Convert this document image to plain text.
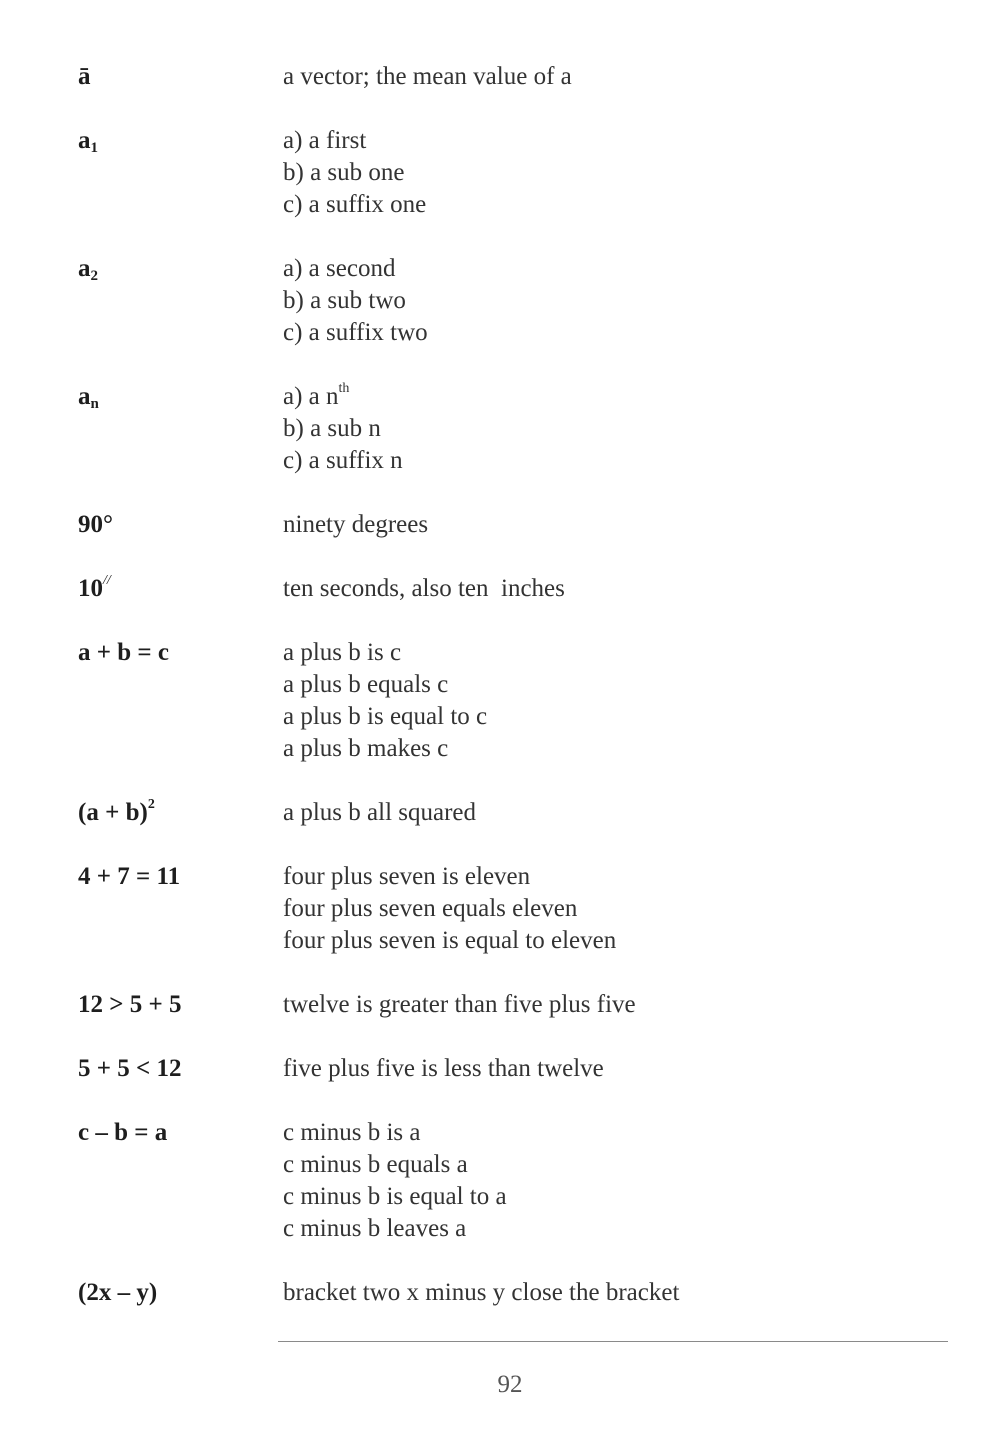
ā	a vector; the mean value of a
$a_1$	a) a first
b) a sub one
c) a suffix one
$a_2$	a) a second
b) a sub two
c) a suffix two
$a_n$	a) a $n^{th}$
b) a sub n
c) a suffix n
90°	ninety degrees
10//	ten seconds, also ten  inches
a + b = c	a plus b is c
a plus b equals c
a plus b is equal to c
a plus b makes c
$(a + b)^2$	a plus b all squared
4 + 7 = 11	four plus seven is eleven
four plus seven equals eleven
four plus seven is equal to eleven
12 > 5 + 5	twelve is greater than five plus five
5 + 5 < 12	five plus five is less than twelve
c – b = a	c minus b is a
c minus b equals a
c minus b is equal to a
c minus b leaves a
(2x – y)	bracket two x minus y close the bracket
92
